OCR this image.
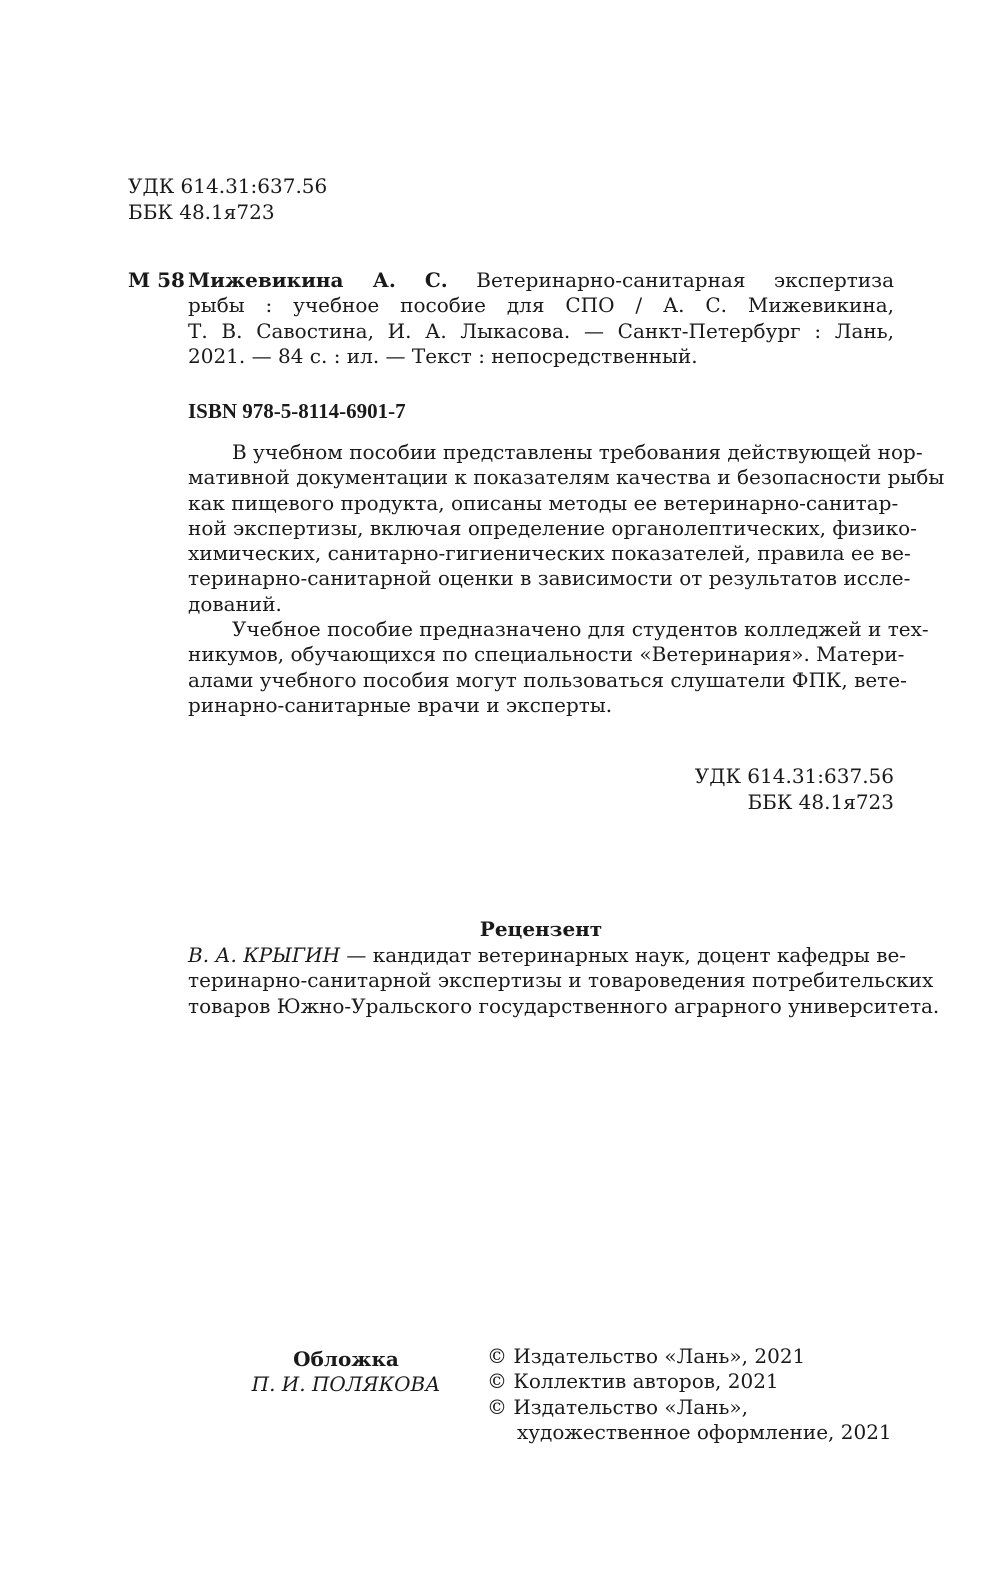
УДК 614.31:637.56
ББК 48.1я723
М 58 Мижевикина А. С. Ветеринарно-санитарная экспертиза
рыбы : учебное пособие для СПО / А. С. Мижевикина,
Т. В. Савостина, И. А. Лыкасова. — Санкт-Петербург : Лань,
2021. — 84 с. : ил. — Текст : непосредственный.
ISBN 978-5-8114-6901-7
В учебном пособии представлены требования действующей нор-
мативной документации к показателям качества и безопасности рыбы
как пищевого продукта, описаны методы ее ветеринарно-санитар-
ной экспертизы, включая определение органолептических, физико-
химических, санитарно-гигиенических показателей, правила ее ве-
теринарно-санитарной оценки в зависимости от результатов иссле-
дований.
Учебное пособие предназначено для студентов колледжей и тех-
никумов, обучающихся по специальности «Ветеринария». Матери-
алами учебного пособия могут пользоваться слушатели ФПК, вете-
ринарно-санитарные врачи и эксперты.
УДК 614.31:637.56
ББК 48.1я723
Рецензент
В. А. КРЫГИН — кандидат ветеринарных наук, доцент кафедры ве-
теринарно-санитарной экспертизы и товароведения потребительских
товаров Южно-Уральского государственного аграрного университета.
Обложка
П. И. ПОЛЯКОВА
© Издательство «Лань», 2021
© Коллектив авторов, 2021
© Издательство «Лань»,
художественное оформление, 2021
